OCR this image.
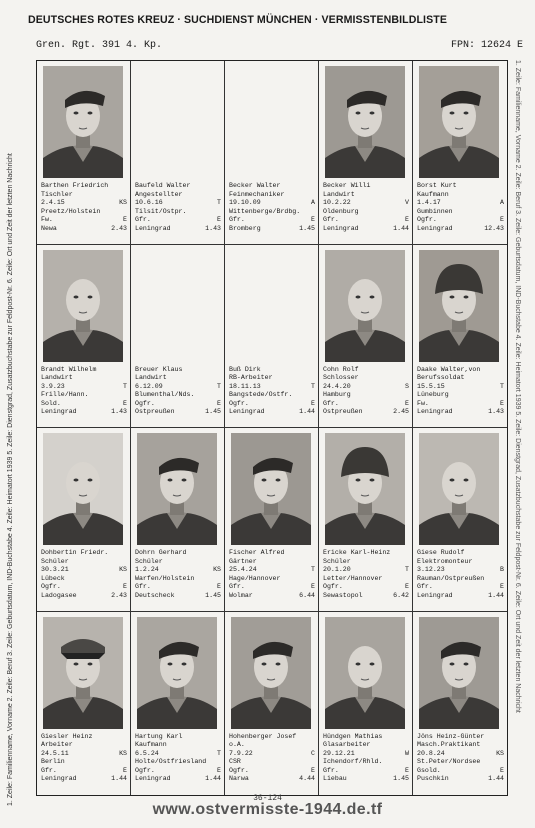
DEUTSCHES ROTES KREUZ · SUCHDIENST MÜNCHEN · VERMISSTENBILDLISTE
Gren. Rgt. 391 4. Kp.	FPN: 12624 E
1. Zeile: Familienname, Vorname 2. Zeile: Beruf 3. Zeile: Geburtsdatum, IND-Buchstabe 4. Zeile: Heimatort 1939 5. Zeile: Dienstgrad, Zusatzbuchstabe zur Feldpost-Nr. 6. Zeile: Ort und Zeit der letzten Nachricht	1. Zeile: Familienname, Vorname 2. Zeile: Beruf 3. Zeile: Geburtsdatum, IND-Buchstabe 4. Zeile: Heimatort 1939 5. Zeile: Dienstgrad, Zusatzbuchstabe zur Feldpost-Nr. 6. Zeile: Ort und Zeit der letzten Nachricht
Barthen Friedrich
Tischler
2.4.15	KS
Preetz/Holstein
Fw.	E
Newa	2.43
Baufeld Walter
Angestellter
10.6.16	T
Tilsit/Ostpr.
Gfr.	E
Leningrad	1.43
Becker Walter
Feinmechaniker
19.10.09	A
Wittenberge/Brdbg.
Gfr.	E
Bromberg	1.45
Becker Willi
Landwirt
10.2.22	V
Oldenburg
Gfr.	E
Leningrad	1.44
Borst Kurt
Kaufmann
1.4.17	A
Gumbinnen
Ogfr.	E
Leningrad	12.43
Brandt Wilhelm
Landwirt
3.9.23	T
Frille/Hann.
Sold.	E
Leningrad	1.43
Breuer Klaus
Landwirt
6.12.09	T
Blumenthal/Nds.
Ogfr.	E
Ostpreußen	1.45
Buß Dirk
RB-Arbeiter
18.11.13	T
Bangstede/Ostfr.
Ogfr.	E
Leningrad	1.44
Cohn Rolf
Schlosser
24.4.20	S
Hamburg
Gfr.	E
Ostpreußen	2.45
Daake Walter,von
Berufssoldat
15.5.15	T
Lüneburg
Fw.	E
Leningrad	1.43
Dohbertin Friedr.
Schüler
30.3.21	KS
Lübeck
Ogfr.	E
Ladogasee	2.43
Dohrn Gerhard
Schüler
1.2.24	KS
Warfen/Holstein
Gfr.	E
Deutscheck	1.45
Fischer Alfred
Gärtner
25.4.24	T
Hage/Hannover
Gfr.	E
Wolmar	6.44
Ericke Karl-Heinz
Schüler
20.1.20	T
Letter/Hannover
Ogfr.	E
Sewastopol	6.42
Giese Rudolf
Elektromonteur
3.12.23	B
Rauman/Ostpreußen
Gfr.	E
Leningrad	1.44
Giesler Heinz
Arbeiter
24.5.11	KS
Berlin
Gfr.	E
Leningrad	1.44
Hartung Karl
Kaufmann
6.5.24	T
Holte/Ostfriesland
Ogfr.	E
Leningrad	1.44
Hohenberger Josef
o.A.
7.9.22	C
CSR
Ogfr.	E
Narwa	4.44
Hündgen Mathias
Glasarbeiter
29.12.21	W
Ichendorf/Rhld.
Gfr.	E
Liebau	1.45
Jöns Heinz-Günter
Masch.Praktikant
20.8.24	KS
St.Peter/Nordsee
Gsold.	E
Puschkin	1.44
36-124
www.ostvermisste-1944.de.tf
